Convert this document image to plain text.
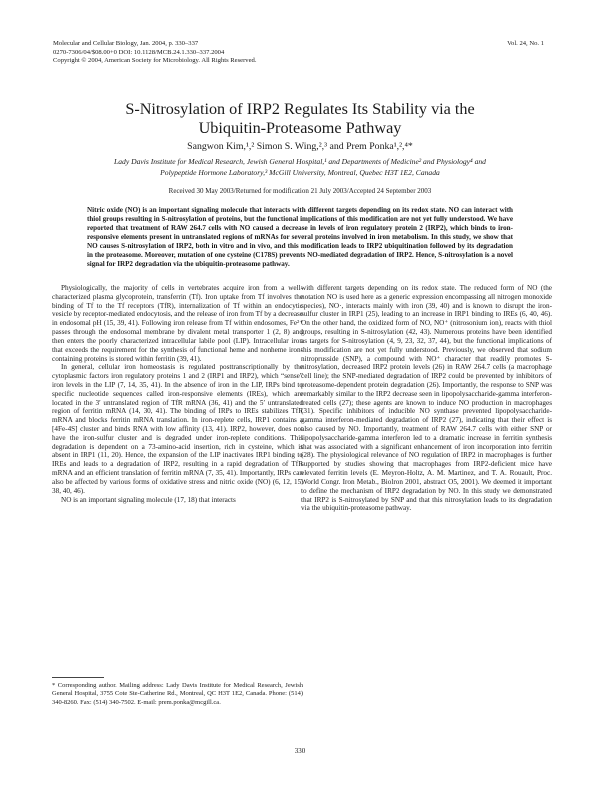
Molecular and Cellular Biology, Jan. 2004, p. 330–337
0270-7306/04/$08.00+0 DOI: 10.1128/MCB.24.1.330–337.2004
Copyright © 2004, American Society for Microbiology. All Rights Reserved.
Vol. 24, No. 1
S-Nitrosylation of IRP2 Regulates Its Stability via the
Ubiquitin-Proteasome Pathway
Sangwon Kim,¹,² Simon S. Wing,²,³ and Prem Ponka¹,²,⁴*
Lady Davis Institute for Medical Research, Jewish General Hospital,¹ and Departments of Medicine² and Physiology⁴ and
Polypeptide Hormone Laboratory,³ McGill University, Montreal, Quebec H3T 1E2, Canada
Received 30 May 2003/Returned for modification 21 July 2003/Accepted 24 September 2003
Nitric oxide (NO) is an important signaling molecule that interacts with different targets depending on its redox state. NO can interact with thiol groups resulting in S-nitrosylation of proteins, but the functional implications of this modification are not yet fully understood. We have reported that treatment of RAW 264.7 cells with NO caused a decrease in levels of iron regulatory protein 2 (IRP2), which binds to iron-responsive elements present in untranslated regions of mRNAs for several proteins involved in iron metabolism. In this study, we show that NO causes S-nitrosylation of IRP2, both in vitro and in vivo, and this modification leads to IRP2 ubiquitination followed by its degradation in the proteasome. Moreover, mutation of one cysteine (C178S) prevents NO-mediated degradation of IRP2. Hence, S-nitrosylation is a novel signal for IRP2 degradation via the ubiquitin-proteasome pathway.

Physiologically, the majority of cells in vertebrates acquire iron from a well-characterized plasma glycoprotein, transferrin (Tf). Iron uptake from Tf involves the binding of Tf to the Tf receptors (TfR), internalization of Tf within an endocytic vesicle by receptor-mediated endocytosis, and the release of iron from Tf by a decrease in endosomal pH (15, 39, 41). Following iron release from Tf within endosomes, Fe²⁺ passes through the endosomal membrane by divalent metal transporter 1 (2, 8) and then enters the poorly characterized intracellular labile pool (LIP). Intracellular iron that exceeds the requirement for the synthesis of functional heme and nonheme iron-containing proteins is stored within ferritin (39, 41).

In general, cellular iron homeostasis is regulated posttranscriptionally by the cytoplasmic factors iron regulatory proteins 1 and 2 (IRP1 and IRP2), which “sense” iron levels in the LIP (7, 14, 35, 41). In the absence of iron in the LIP, IRPs bind to specific nucleotide sequences called iron-responsive elements (IREs), which are located in the 3′ untranslated region of TfR mRNA (36, 41) and the 5′ untranslated region of ferritin mRNA (14, 30, 41). The binding of IRPs to IREs stabilizes TfR mRNA and blocks ferritin mRNA translation. In iron-replete cells, IRP1 contains a [4Fe-4S] cluster and binds RNA with low affinity (13, 41). IRP2, however, does not have the iron-sulfur cluster and is degraded under iron-replete conditions. This degradation is dependent on a 73-amino-acid insertion, rich in cysteine, which is absent in IRP1 (11, 20). Hence, the expansion of the LIP inactivates IRP1 binding to IREs and leads to a degradation of IRP2, resulting in a rapid degradation of TfR mRNA and an efficient translation of ferritin mRNA (7, 35, 41). Importantly, IRPs can also be affected by various forms of oxidative stress and nitric oxide (NO) (6, 12, 15, 38, 40, 46).

NO is an important signaling molecule (17, 18) that interacts

with different targets depending on its redox state. The reduced form of NO (the notation NO is used here as a generic expression encompassing all nitrogen monoxide species), NO·, interacts mainly with iron (39, 40) and is known to disrupt the iron-sulfur cluster in IRP1 (25), leading to an increase in IRP1 binding to IREs (6, 40, 46). On the other hand, the oxidized form of NO, NO⁺ (nitrosonium ion), reacts with thiol groups, resulting in S-nitrosylation (42, 43). Numerous proteins have been identified as targets for S-nitrosylation (4, 9, 23, 32, 37, 44), but the functional implications of this modification are not yet fully understood. Previously, we observed that sodium nitroprusside (SNP), a compound with NO⁺ character that readily promotes S-nitrosylation, decreased IRP2 protein levels (26) in RAW 264.7 cells (a macrophage cell line); the SNP-mediated degradation of IRP2 could be prevented by inhibitors of proteasome-dependent protein degradation (26). Importantly, the response to SNP was remarkably similar to the IRP2 decrease seen in lipopolysaccharide-gamma interferon-treated cells (27); these agents are known to induce NO production in macrophages (31). Specific inhibitors of inducible NO synthase prevented lipopolysaccharide-gamma interferon-mediated degradation of IRP2 (27), indicating that their effect is also caused by NO. Importantly, treatment of RAW 264.7 cells with either SNP or lipopolysaccharide-gamma interferon led to a dramatic increase in ferritin synthesis that was associated with a significant enhancement of iron incorporation into ferritin (28). The physiological relevance of NO regulation of IRP2 in macrophages is further supported by studies showing that macrophages from IRP2-deficient mice have elevated ferritin levels (E. Meyron-Holtz, A. M. Martinez, and T. A. Rouault, Proc. World Congr. Iron Metab., Biolron 2001, abstract O5, 2001). We deemed it important to define the mechanism of IRP2 degradation by NO. In this study we demonstrated that IRP2 is S-nitrosylated by SNP and that this nitrosylation leads to its degradation via the ubiquitin-proteasome pathway.

* Corresponding author. Mailing address: Lady Davis Institute for Medical Research, Jewish General Hospital, 3755 Cote Ste-Catherine Rd., Montreal, QC H3T 1E2, Canada. Phone: (514) 340-8260. Fax: (514) 340-7502. E-mail: prem.ponka@mcgill.ca.
330
